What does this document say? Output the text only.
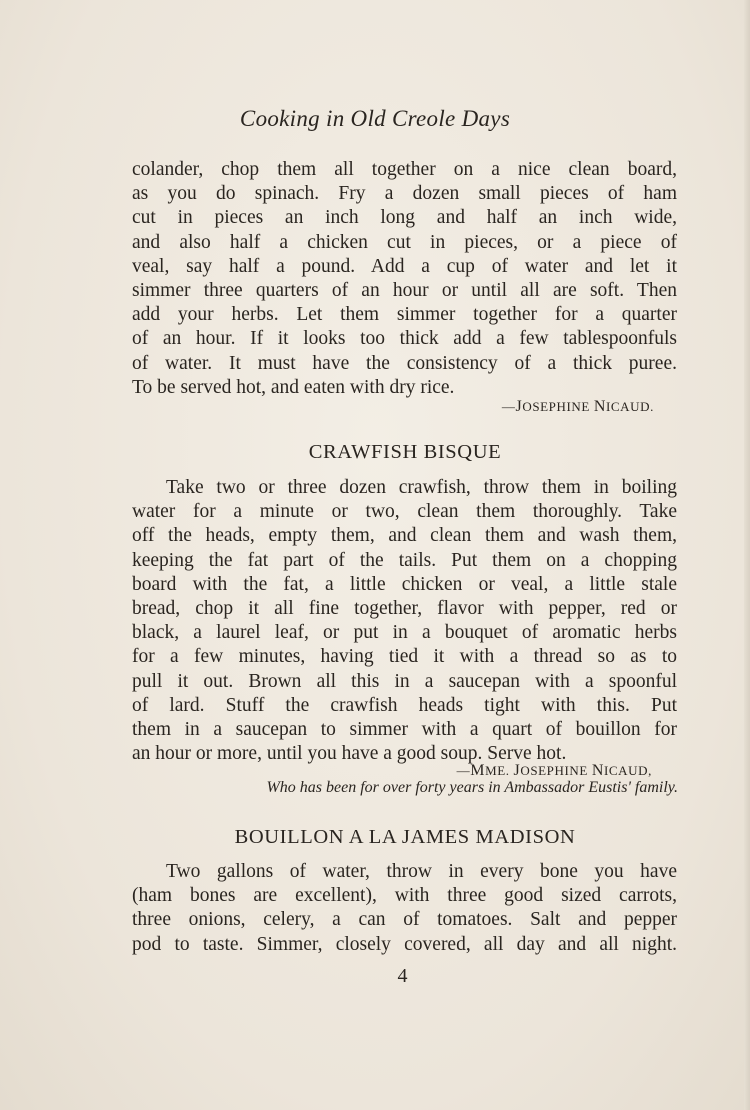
Cooking in Old Creole Days
colander, chop them all together on a nice clean board,
as you do spinach. Fry a dozen small pieces of ham
cut in pieces an inch long and half an inch wide,
and also half a chicken cut in pieces, or a piece of
veal, say half a pound. Add a cup of water and let it
simmer three quarters of an hour or until all are soft. Then
add your herbs. Let them simmer together for a quarter
of an hour. If it looks too thick add a few tablespoonfuls
of water. It must have the consistency of a thick puree.
To be served hot, and eaten with dry rice.
—JOSEPHINE NICAUD.
CRAWFISH BISQUE
Take two or three dozen crawfish, throw them in boiling
water for a minute or two, clean them thoroughly. Take
off the heads, empty them, and clean them and wash them,
keeping the fat part of the tails. Put them on a chopping
board with the fat, a little chicken or veal, a little stale
bread, chop it all fine together, flavor with pepper, red or
black, a laurel leaf, or put in a bouquet of aromatic herbs
for a few minutes, having tied it with a thread so as to
pull it out. Brown all this in a saucepan with a spoonful
of lard. Stuff the crawfish heads tight with this. Put
them in a saucepan to simmer with a quart of bouillon for
an hour or more, until you have a good soup. Serve hot.
—MME. JOSEPHINE NICAUD,
Who has been for over forty years in Ambassador Eustis' family.
BOUILLON A LA JAMES MADISON
Two gallons of water, throw in every bone you have
(ham bones are excellent), with three good sized carrots,
three onions, celery, a can of tomatoes. Salt and pepper
pod to taste. Simmer, closely covered, all day and all night.
4
